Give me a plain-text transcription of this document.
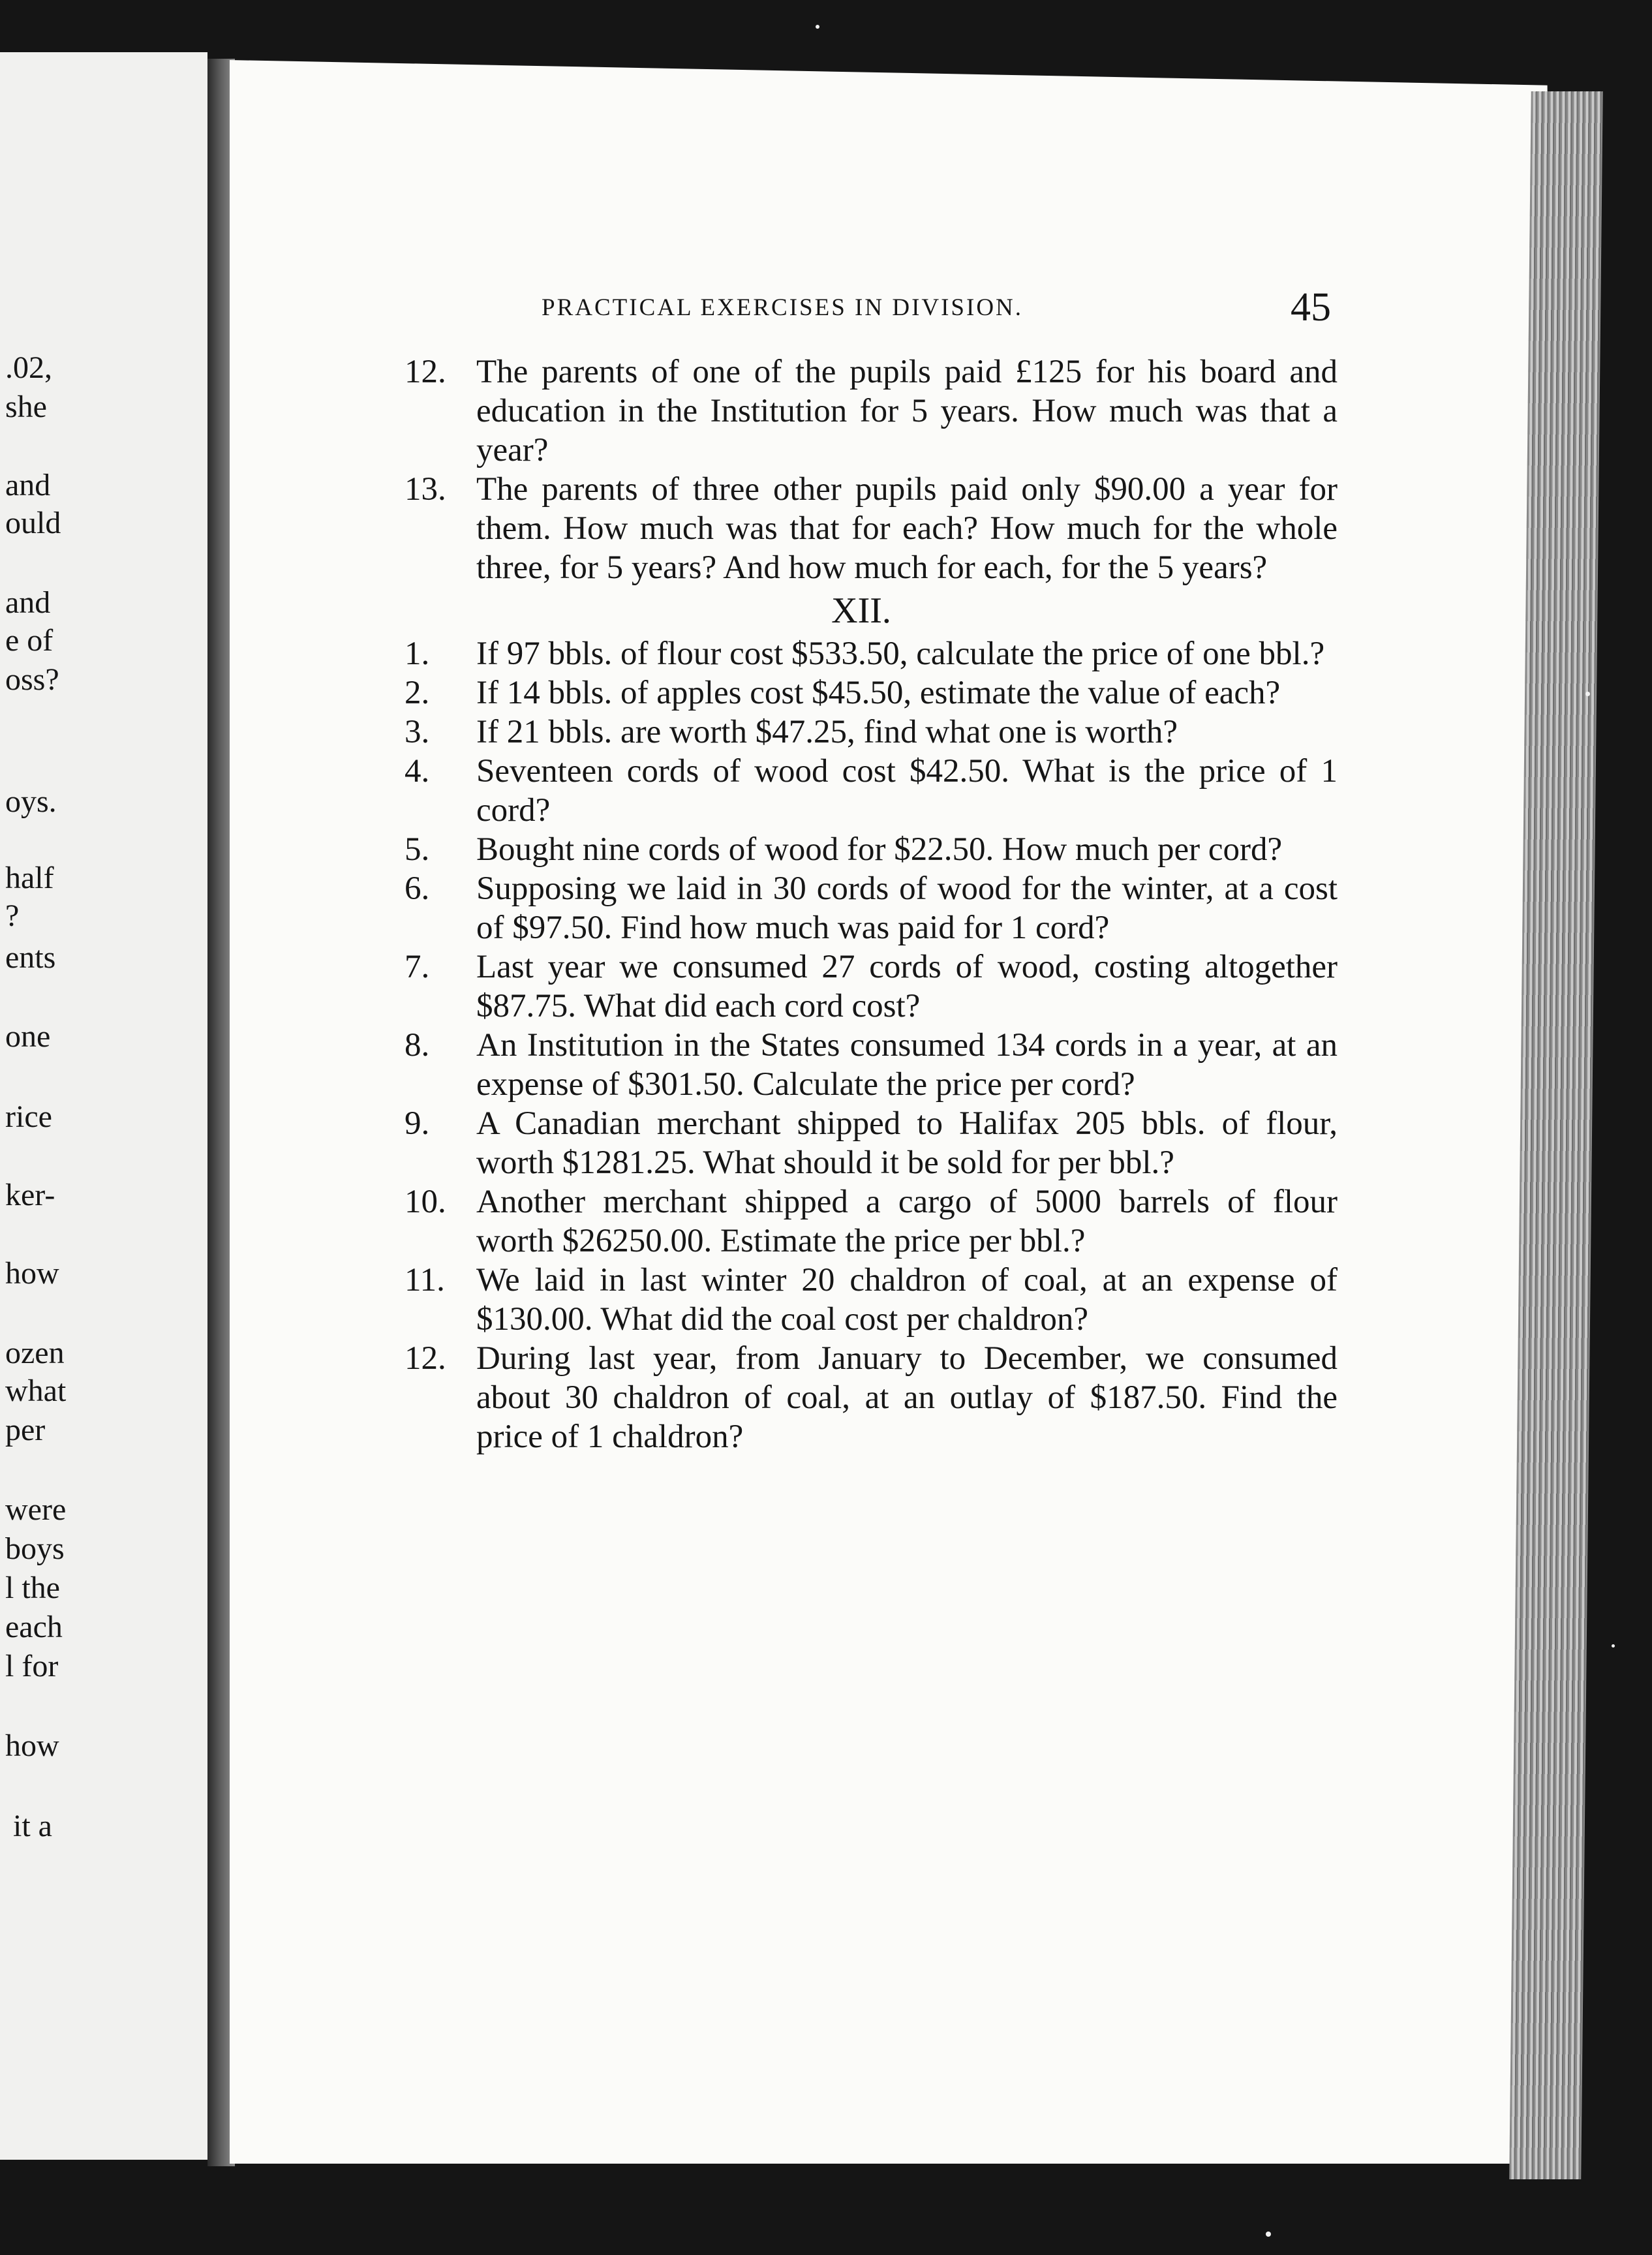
.02,
she
and
ould
and
e of
oss?
oys.
half
?
ents
one
rice
ker-
how
ozen
what
per
were
boys
l the
each
l for
how
it a
PRACTICAL EXERCISES IN DIVISION.	45
12. The parents of one of the pupils paid £125 for his board and education in the Institution for 5 years. How much was that a year?
13. The parents of three other pupils paid only $90.00 a year for them. How much was that for each? How much for the whole three, for 5 years? And how much for each, for the 5 years?
XII.
1. If 97 bbls. of flour cost $533.50, calculate the price of one bbl.?
2. If 14 bbls. of apples cost $45.50, estimate the value of each?
3. If 21 bbls. are worth $47.25, find what one is worth?
4. Seventeen cords of wood cost $42.50. What is the price of 1 cord?
5. Bought nine cords of wood for $22.50. How much per cord?
6. Supposing we laid in 30 cords of wood for the winter, at a cost of $97.50. Find how much was paid for 1 cord?
7. Last year we consumed 27 cords of wood, costing altogether $87.75. What did each cord cost?
8. An Institution in the States consumed 134 cords in a year, at an expense of $301.50. Calculate the price per cord?
9. A Canadian merchant shipped to Halifax 205 bbls. of flour, worth $1281.25. What should it be sold for per bbl.?
10. Another merchant shipped a cargo of 5000 barrels of flour worth $26250.00. Estimate the price per bbl.?
11. We laid in last winter 20 chaldron of coal, at an expense of $130.00. What did the coal cost per chaldron?
12. During last year, from January to December, we consumed about 30 chaldron of coal, at an outlay of $187.50. Find the price of 1 chaldron?
